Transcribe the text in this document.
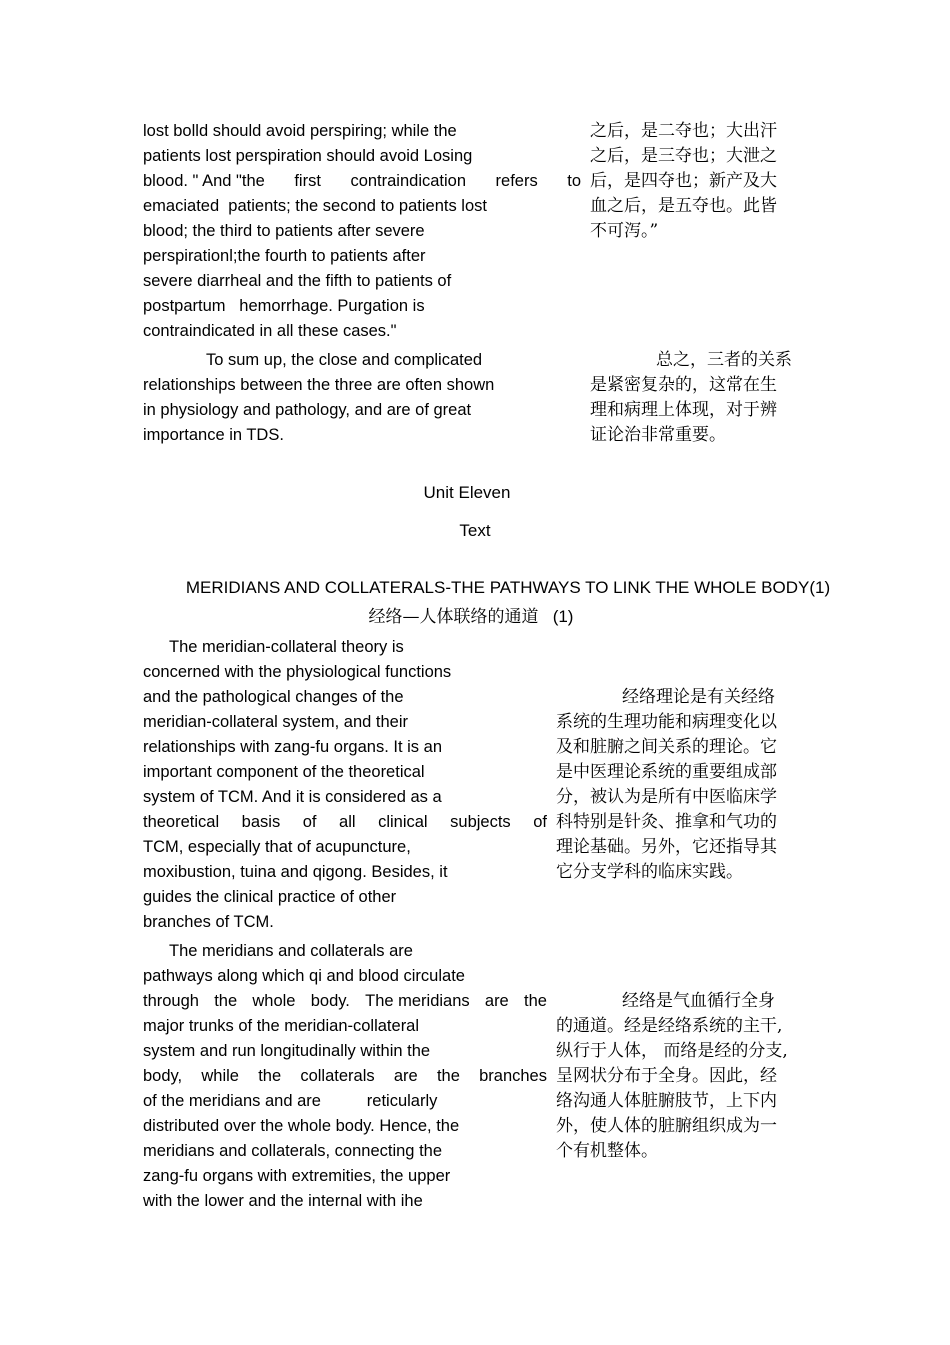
lost bolld should avoid perspiring; while the
patients lost perspiration should avoid Losing
blood. " And "the first contraindication refers to
emaciated  patients; the second to patients lost
blood; the third to patients after severe
perspirationl;the fourth to patients after
severe diarrheal and the fifth to patients of
postpartum   hemorrhage. Purgation is
contraindicated in all these cases."
之后，是二夺也；大出汗
之后，是三夺也；大泄之
后，是四夺也；新产及大
血之后，是五夺也。此皆
不可泻。”
To sum up, the close and complicated
relationships between the three are often shown
in physiology and pathology, and are of great
importance in TDS.
总之，三者的关系
是紧密复杂的，这常在生
理和病理上体现，对于辨
证论治非常重要。
Unit Eleven
Text
MERIDIANS AND COLLATERALS-THE PATHWAYS TO LINK THE WHOLE BODY(1)
经络—人体联络的通道 (1)
The meridian-collateral theory is
concerned with the physiological functions
and the pathological changes of the
meridian-collateral system, and their
relationships with zang-fu organs. It is an
important component of the theoretical
system of TCM. And it is considered as a
theoretical basis of all clinical subjects of
TCM, especially that of acupuncture,
moxibustion, tuina and qigong. Besides, it
guides the clinical practice of other
branches of TCM.
经络理论是有关经络
系统的生理功能和病理变化以
及和脏腑之间关系的理论。它
是中医理论系统的重要组成部
分，被认为是所有中医临床学
科特别是针灸、推拿和气功的
理论基础。另外，它还指导其
它分支学科的临床实践。
The meridians and collaterals are
pathways along which qi and blood circulate
through the whole body. The meridians are the
major trunks of the meridian-collateral
system and run longitudinally within the
body, while the collaterals are the branches
of the meridians and are          reticularly
distributed over the whole body. Hence, the
meridians and collaterals, connecting the
zang-fu organs with extremities, the upper
with the lower and the internal with ihe
经络是气血循行全身
的通道。经是经络系统的主干,
纵行于人体， 而络是经的分支,
呈网状分布于全身。因此，经
络沟通人体脏腑肢节，上下内
外，使人体的脏腑组织成为一
个有机整体。
